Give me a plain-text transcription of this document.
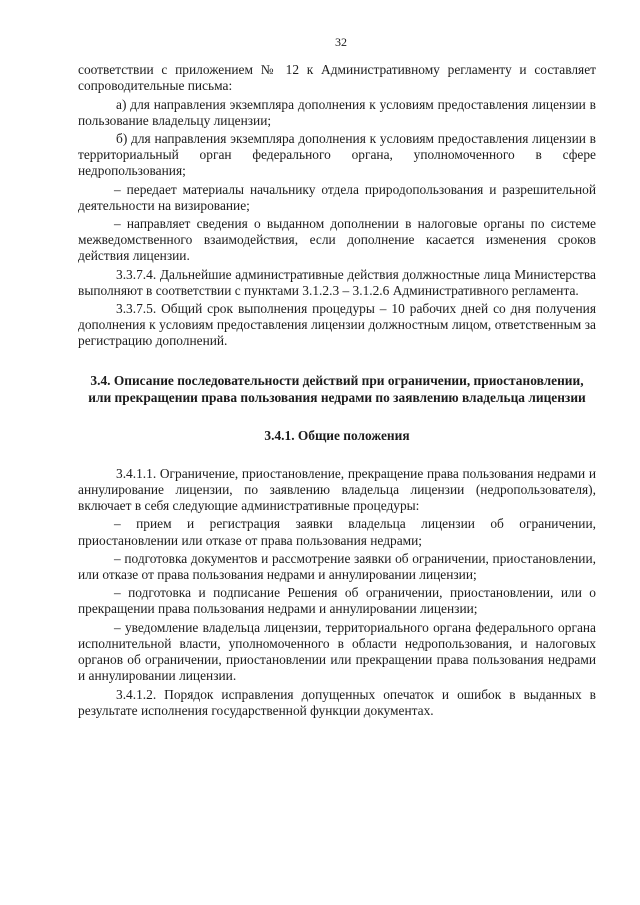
32

соответствии с приложением № 12 к Административному регламенту и составляет сопроводительные письма:

а) для направления экземпляра дополнения к условиям предоставления лицензии в пользование владельцу лицензии;

б) для направления экземпляра дополнения к условиям предоставления лицензии в территориальный орган федерального органа, уполномоченного в сфере недропользования;

– передает материалы начальнику отдела природопользования и разрешительной деятельности на визирование;

– направляет сведения о выданном дополнении в налоговые органы по системе межведомственного взаимодействия, если дополнение касается изменения сроков действия лицензии.

3.3.7.4. Дальнейшие административные действия должностные лица Министерства выполняют в соответствии с пунктами 3.1.2.3 – 3.1.2.6 Административного регламента.

3.3.7.5. Общий срок выполнения процедуры – 10 рабочих дней со дня получения дополнения к условиям предоставления лицензии должностным лицом, ответственным за регистрацию дополнений.

3.4. Описание последовательности действий при ограничении, приостановлении, или прекращении права пользования недрами по заявлению владельца лицензии

3.4.1. Общие положения

3.4.1.1. Ограничение, приостановление, прекращение права пользования недрами и аннулирование лицензии, по заявлению владельца лицензии (недропользователя), включает в себя следующие административные процедуры:

– прием и регистрация заявки владельца лицензии об ограничении, приостановлении или отказе от права пользования недрами;

– подготовка документов и рассмотрение заявки об ограничении, приостановлении, или отказе от права пользования недрами и аннулировании лицензии;

– подготовка и подписание Решения об ограничении, приостановлении, или о прекращении права пользования недрами и аннулировании лицензии;

– уведомление владельца лицензии, территориального органа федерального органа исполнительной власти, уполномоченного в области недропользования, и налоговых органов об ограничении, приостановлении или прекращении права пользования недрами и аннулировании лицензии.

3.4.1.2. Порядок исправления допущенных опечаток и ошибок в выданных в результате исполнения государственной функции документах.
